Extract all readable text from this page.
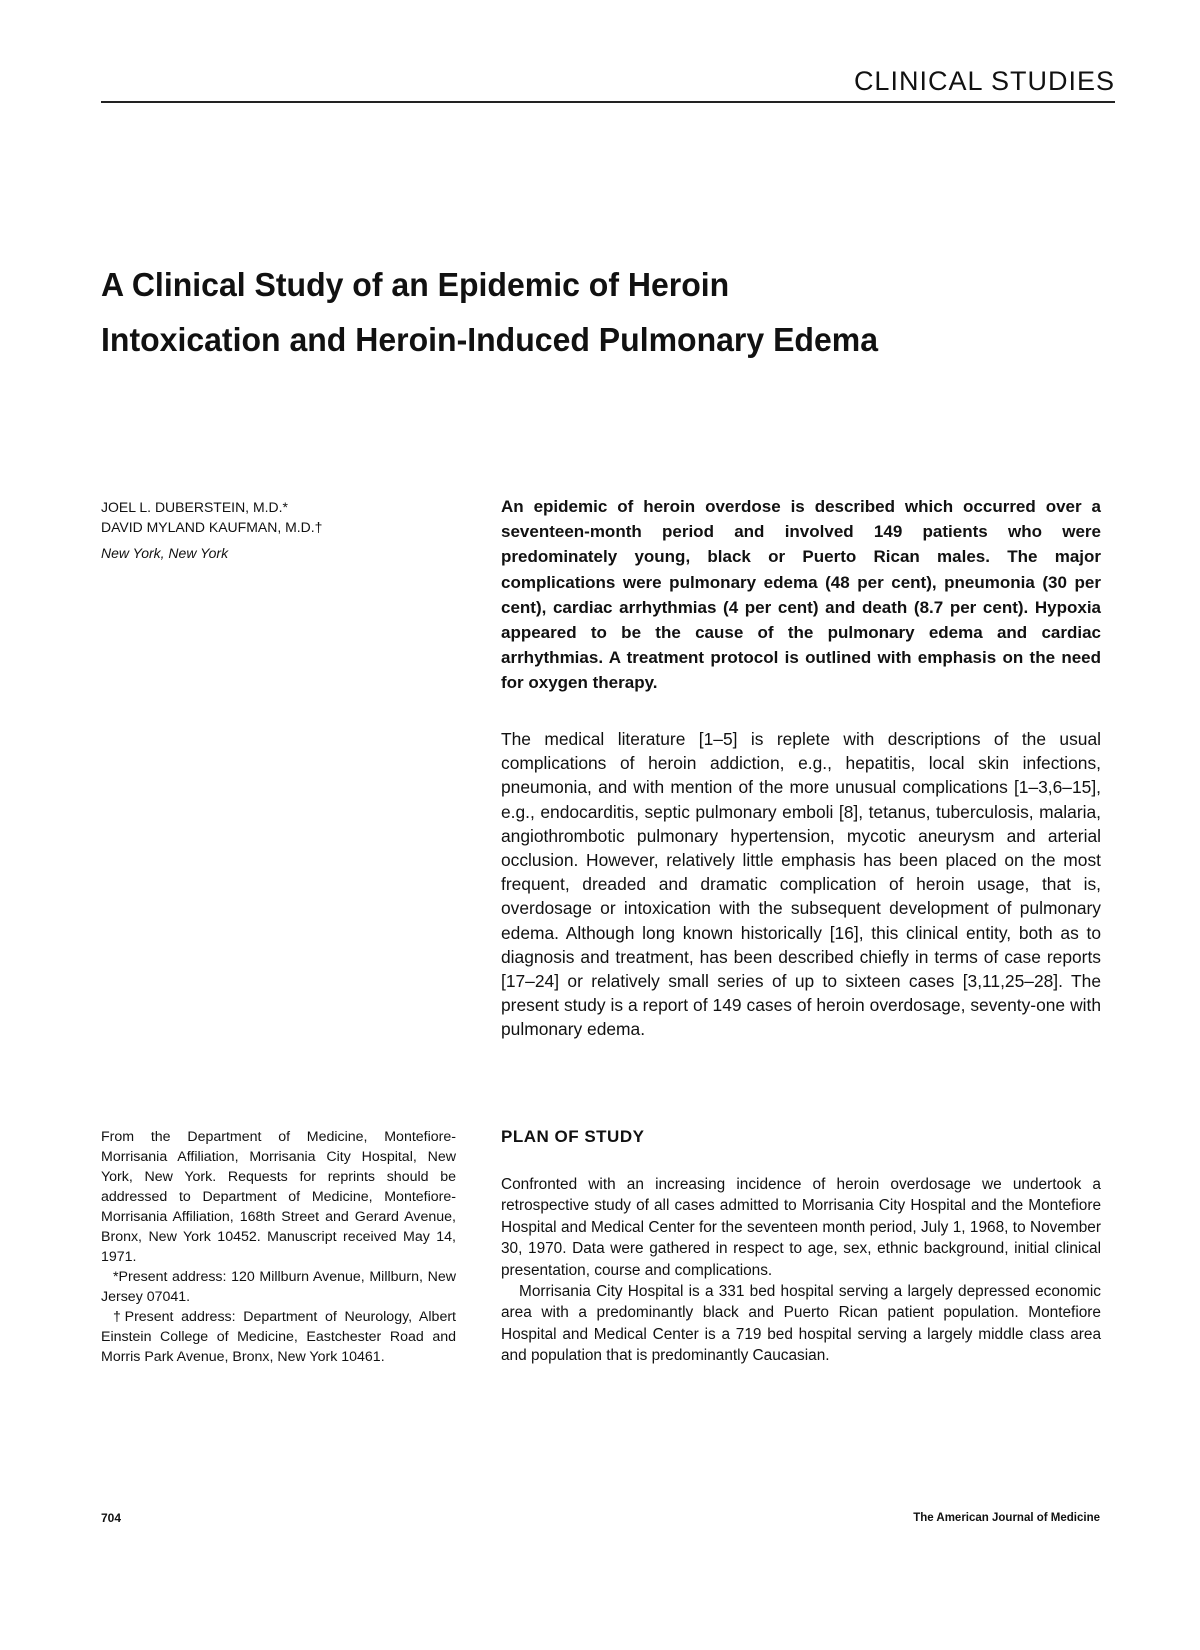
CLINICAL STUDIES
A Clinical Study of an Epidemic of Heroin
Intoxication and Heroin-Induced Pulmonary Edema
JOEL L. DUBERSTEIN, M.D.*
DAVID MYLAND KAUFMAN, M.D.†
New York, New York

An epidemic of heroin overdose is described which occurred over a seventeen-month period and involved 149 patients who were predominately young, black or Puerto Rican males. The major complications were pulmonary edema (48 per cent), pneumonia (30 per cent), cardiac arrhythmias (4 per cent) and death (8.7 per cent). Hypoxia appeared to be the cause of the pulmonary edema and cardiac arrhythmias. A treatment protocol is outlined with emphasis on the need for oxygen therapy.

The medical literature [1–5] is replete with descriptions of the usual complications of heroin addiction, e.g., hepatitis, local skin infections, pneumonia, and with mention of the more unusual complications [1–3,6–15], e.g., endocarditis, septic pulmonary emboli [8], tetanus, tuberculosis, malaria, angiothrombotic pulmonary hypertension, mycotic aneurysm and arterial occlusion. However, relatively little emphasis has been placed on the most frequent, dreaded and dramatic complication of heroin usage, that is, overdosage or intoxication with the subsequent development of pulmonary edema. Although long known historically [16], this clinical entity, both as to diagnosis and treatment, has been described chiefly in terms of case reports [17–24] or relatively small series of up to sixteen cases [3,11,25–28]. The present study is a report of 149 cases of heroin overdosage, seventy-one with pulmonary edema.

PLAN OF STUDY

Confronted with an increasing incidence of heroin overdosage we undertook a retrospective study of all cases admitted to Morrisania City Hospital and the Montefiore Hospital and Medical Center for the seventeen month period, July 1, 1968, to November 30, 1970. Data were gathered in respect to age, sex, ethnic background, initial clinical presentation, course and complications.

Morrisania City Hospital is a 331 bed hospital serving a largely depressed economic area with a predominantly black and Puerto Rican patient population. Montefiore Hospital and Medical Center is a 719 bed hospital serving a largely middle class area and population that is predominantly Caucasian.

From the Department of Medicine, Montefiore-Morrisania Affiliation, Morrisania City Hospital, New York, New York. Requests for reprints should be addressed to Department of Medicine, Montefiore-Morrisania Affiliation, 168th Street and Gerard Avenue, Bronx, New York 10452. Manuscript received May 14, 1971.

*Present address: 120 Millburn Avenue, Millburn, New Jersey 07041.

†Present address: Department of Neurology, Albert Einstein College of Medicine, Eastchester Road and Morris Park Avenue, Bronx, New York 10461.

704	The American Journal of Medicine
